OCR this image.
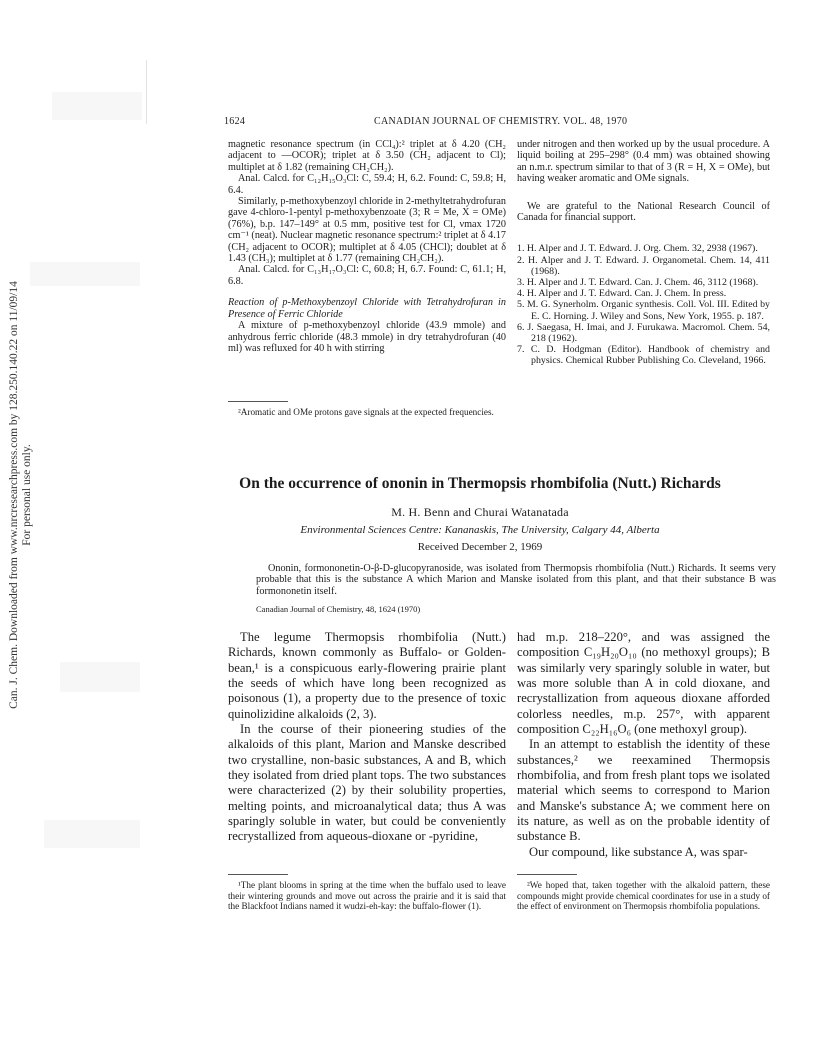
Can. J. Chem. Downloaded from www.nrcresearchpress.com by 128.250.140.22 on 11/09/14 For personal use only.
1624	CANADIAN JOURNAL OF CHEMISTRY. VOL. 48, 1970

magnetic resonance spectrum (in CCl₄):² triplet at δ 4.20 (CH₂ adjacent to —OCOR); triplet at δ 3.50 (CH₂ adjacent to Cl); multiplet at δ 1.82 (remaining CH₂CH₂).

Anal. Calcd. for C₁₂H₁₅O₃Cl: C, 59.4; H, 6.2. Found: C, 59.8; H, 6.4.

Similarly, p-methoxybenzoyl chloride in 2-methyltetrahydrofuran gave 4-chloro-1-pentyl p-methoxybenzoate (3; R = Me, X = OMe) (76%), b.p. 147–149° at 0.5 mm, positive test for Cl, νmax 1720 cm⁻¹ (neat). Nuclear magnetic resonance spectrum:² triplet at δ 4.17 (CH₂ adjacent to OCOR); multiplet at δ 4.05 (CHCl); doublet at δ 1.43 (CH₃); multiplet at δ 1.77 (remaining CH₂CH₂).

Anal. Calcd. for C₁₃H₁₇O₃Cl: C, 60.8; H, 6.7. Found: C, 61.1; H, 6.8.

Reaction of p-Methoxybenzoyl Chloride with Tetrahydrofuran in Presence of Ferric Chloride

A mixture of p-methoxybenzoyl chloride (43.9 mmole) and anhydrous ferric chloride (48.3 mmole) in dry tetrahydrofuran (40 ml) was refluxed for 40 h with stirring

²Aromatic and OMe protons gave signals at the expected frequencies.

under nitrogen and then worked up by the usual procedure. A liquid boiling at 295–298° (0.4 mm) was obtained showing an n.m.r. spectrum similar to that of 3 (R = H, X = OMe), but having weaker aromatic and OMe signals.

We are grateful to the National Research Council of Canada for financial support.

1. H. Alper and J. T. Edward. J. Org. Chem. 32, 2938 (1967).

2. H. Alper and J. T. Edward. J. Organometal. Chem. 14, 411 (1968).

3. H. Alper and J. T. Edward. Can. J. Chem. 46, 3112 (1968).

4. H. Alper and J. T. Edward. Can. J. Chem. In press.

5. M. G. Synerholm. Organic synthesis. Coll. Vol. III. Edited by E. C. Horning. J. Wiley and Sons, New York, 1955. p. 187.

6. J. Saegasa, H. Imai, and J. Furukawa. Macromol. Chem. 54, 218 (1962).

7. C. D. Hodgman (Editor). Handbook of chemistry and physics. Chemical Rubber Publishing Co. Cleveland, 1966.

On the occurrence of ononin in Thermopsis rhombifolia (Nutt.) Richards
M. H. Benn and Churai Watanatada
Environmental Sciences Centre: Kananaskis, The University, Calgary 44, Alberta
Received December 2, 1969
Ononin, formononetin-O-β-D-glucopyranoside, was isolated from Thermopsis rhombifolia (Nutt.) Richards. It seems very probable that this is the substance A which Marion and Manske isolated from this plant, and that their substance B was formononetin itself.
Canadian Journal of Chemistry, 48, 1624 (1970)

The legume Thermopsis rhombifolia (Nutt.) Richards, known commonly as Buffalo- or Golden-bean,¹ is a conspicuous early-flowering prairie plant the seeds of which have long been recognized as poisonous (1), a property due to the presence of toxic quinolizidine alkaloids (2, 3).

In the course of their pioneering studies of the alkaloids of this plant, Marion and Manske described two crystalline, non-basic substances, A and B, which they isolated from dried plant tops. The two substances were characterized (2) by their solubility properties, melting points, and microanalytical data; thus A was sparingly soluble in water, but could be conveniently recrystallized from aqueous-dioxane or -pyridine,

had m.p. 218–220°, and was assigned the composition C₁₉H₂₀O₁₀ (no methoxyl groups); B was similarly very sparingly soluble in water, but was more soluble than A in cold dioxane, and recrystallization from aqueous dioxane afforded colorless needles, m.p. 257°, with apparent composition C₂₂H₁₆O₆ (one methoxyl group).

In an attempt to establish the identity of these substances,² we reexamined Thermopsis rhombifolia, and from fresh plant tops we isolated material which seems to correspond to Marion and Manske's substance A; we comment here on its nature, as well as on the probable identity of substance B.

Our compound, like substance A, was spar-

¹The plant blooms in spring at the time when the buffalo used to leave their wintering grounds and move out across the prairie and it is said that the Blackfoot Indians named it wudzi-eh-kay: the buffalo-flower (1).
²We hoped that, taken together with the alkaloid pattern, these compounds might provide chemical coordinates for use in a study of the effect of environment on Thermopsis rhombifolia populations.
